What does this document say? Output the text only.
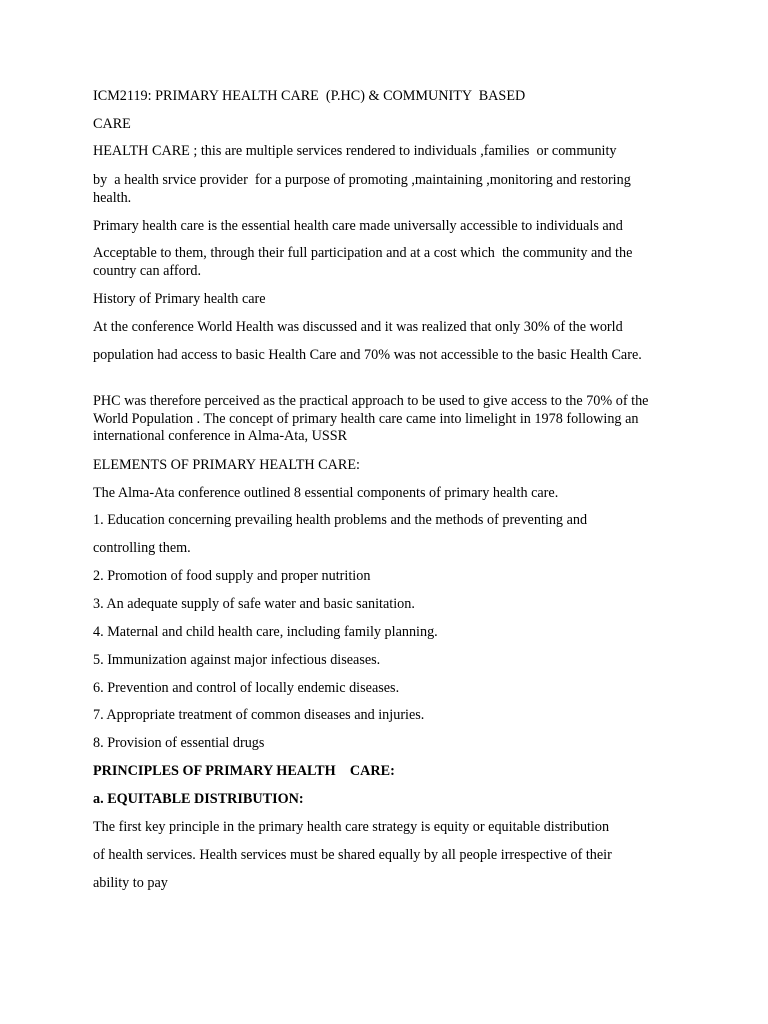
ICM2119: PRIMARY HEALTH CARE  (P.HC) & COMMUNITY  BASED

CARE

HEALTH CARE ; this are multiple services rendered to individuals ,families  or community

by  a health srvice provider  for a purpose of promoting ,maintaining ,monitoring and restoring  health.

Primary health care is the essential health care made universally accessible to individuals and

Acceptable to them, through their full participation and at a cost which  the community and the country can afford.

History of Primary health care

At the conference World Health was discussed and it was realized that only 30% of the world

population had access to basic Health Care and 70% was not accessible to the basic Health Care.

PHC was therefore perceived as the practical approach to be used to give access to the 70% of the World Population . The concept of primary health care came into limelight in 1978 following an international conference in Alma-Ata, USSR

ELEMENTS OF PRIMARY HEALTH CARE:

The Alma-Ata conference outlined 8 essential components of primary health care.

1. Education concerning prevailing health problems and the methods of preventing and

controlling them.

2. Promotion of food supply and proper nutrition

3. An adequate supply of safe water and basic sanitation.

4. Maternal and child health care, including family planning.

5. Immunization against major infectious diseases.

6. Prevention and control of locally endemic diseases.

7. Appropriate treatment of common diseases and injuries.

8. Provision of essential drugs

PRINCIPLES OF PRIMARY HEALTH    CARE:

a. EQUITABLE DISTRIBUTION:

The first key principle in the primary health care strategy is equity or equitable distribution

of health services. Health services must be shared equally by all people irrespective of their

ability to pay
